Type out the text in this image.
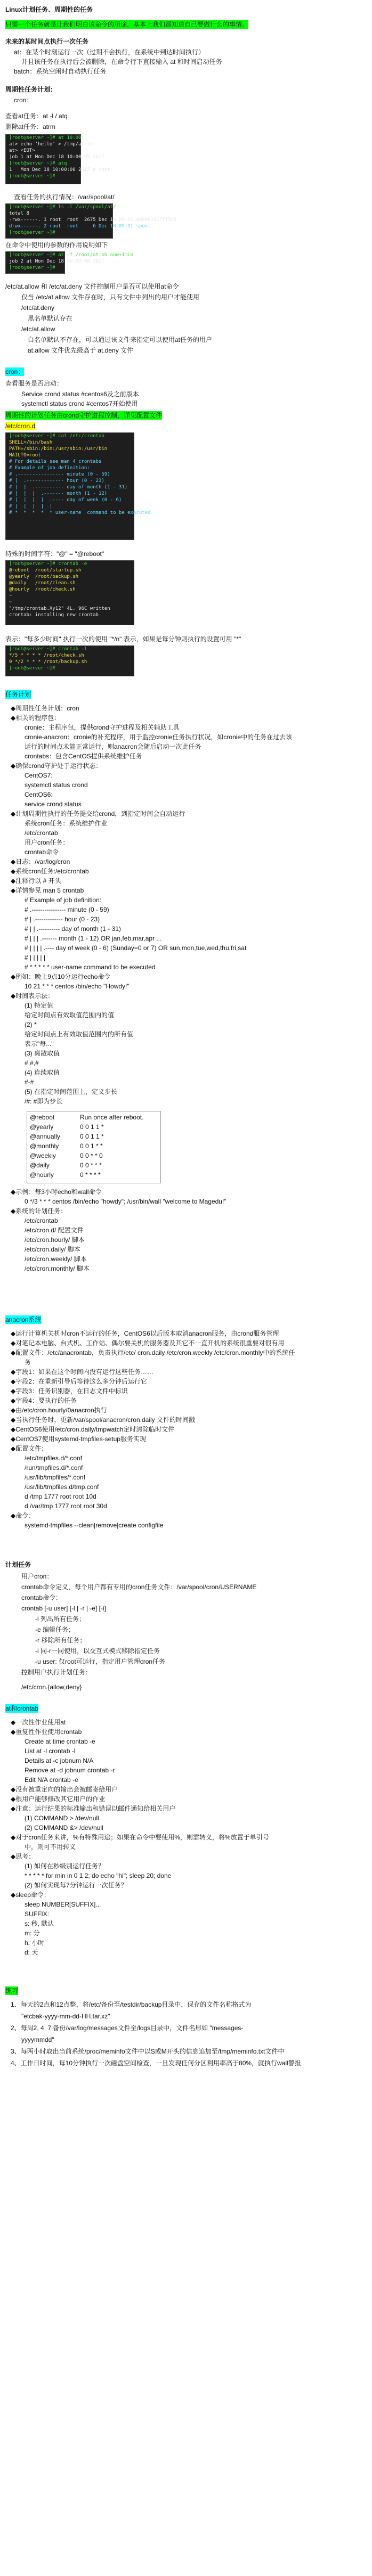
Linux计划任务、周期性的任务
只需一个任务就是让我们明白该命令的用途，基本上我们都知道自己要做什么的事情。
未来的某时间点执行一次任务
at：在某个时刻运行一次（过期不会执行，在系统中到达时间执行）
并且该任务在执行后会被删除，在命令行下直接输入 at 和时间启动任务
batch：系统空闲时自动执行任务
周期性任务计划：
cron：
查看at任务：at -l / atq
删除at任务：atrm
[root@server ~]# at 10:00
at> echo 'hello' > /tmp/at.txt
at> <EOT>
job 1 at Mon Dec 18 10:00:00 2017
[root@server ~]# atq
1   Mon Dec 18 10:00:00 2017 a root
[root@server ~]#
查看任务的执行情况：/var/spool/at/
[root@server ~]# ls -l /var/spool/at/
total 8
-rwx------. 1 root  root  2675 Dec 18 09:31 a00001017ff5c8
drwx------. 2 root  root     6 Dec 18 09:31 spool
[root@server ~]#
在命令中使用的参数的作用说明如下
[root@server ~]# at -f /root/at.sh now+1min
job 2 at Mon Dec 18 09:33:00 2017
[root@server ~]#
/etc/at.allow 和 /etc/at.deny 文件控制用户是否可以使用at命令
仅当 /etc/at.allow 文件存在时，只有文件中列出的用户才能使用
/etc/at.deny
黑名单默认存在
/etc/at.allow
白名单默认不存在，可以通过该文件来指定可以使用at任务的用户
at.allow 文件优先级高于 at.deny 文件
cron：
查看服务是否启动：
Service crond status #centos6及之前版本
systemctl status crond #centos7开始使用
周期性的计划任务由crond守护进程控制，详见配置文件
/etc/cron.d
[root@server ~]# cat /etc/crontab
SHELL=/bin/bash
PATH=/sbin:/bin:/usr/sbin:/usr/bin
MAILTO=root
# For details see man 4 crontabs
# Example of job definition:
# .---------------- minute (0 - 59)
# |  .------------- hour (0 - 23)
# |  |  .---------- day of month (1 - 31)
# |  |  |  .------- month (1 - 12)
# |  |  |  |  .---- day of week (0 - 6)
# |  |  |  |  |
# *  *  *  *  * user-name  command to be executed
特殊的时间字符："@" = "@reboot"
[root@server ~]# crontab -e
@reboot  /root/startup.sh
@yearly  /root/backup.sh
@daily   /root/clean.sh
@hourly  /root/check.sh
~
~
"/tmp/crontab.Xy12" 4L, 96C written
crontab: installing new crontab
表示："每多少时间" 执行一次的使用 "*/n" 表示，如果是每分钟则执行的设置可用 "*"
[root@server ~]# crontab -l
*/5 * * * * /root/check.sh
0 */2 * * * /root/backup.sh
[root@server ~]#
任务计划
anacron系统
计划任务
/etc/cron.{allow,deny}
at和crontab
练习
◆周期性任务计划：cron
◆相关的程序包：
cronie：主程序包，提供crond守护进程及相关辅助工具
cronie-anacron：cronie的补充程序，用于监控cronie任务执行状况，如cronie中的任务在过去该
运行的时间点未能正常运行，则anacron会随后启动一次此任务
crontabs：包含CentOS提供系统维护任务
◆确保crond守护处于运行状态：
CentOS7:
systemctl status crond
CentOS6:
service crond status
◆计划周期性执行的任务提交给crond，到指定时间会自动运行
系统cron任务：系统维护作业
/etc/crontab
用户cron任务：
crontab命令
◆日志：/var/log/cron
◆系统cron任务:/etc/crontab
◆注释行以 # 开头
◆详情参见 man 5 crontab
# Example of job definition:
# .---------------- minute (0 - 59)
# | .------------- hour (0 - 23)
# | | .---------- day of month (1 - 31)
# | | | .------- month (1 - 12) OR jan,feb,mar,apr ...
# | | | | .---- day of week (0 - 6) (Sunday=0 or 7) OR sun,mon,tue,wed,thu,fri,sat
# | | | | |
# * * * * * user-name command to be executed
◆例如：晚上9点10分运行echo命令
10 21 * * * centos /bin/echo "Howdy!"
◆时间表示法：
(1) 特定值
给定时间点有效取值范围内的值
(2) *
给定时间点上有效取值范围内的所有值
表示"每..."
(3) 离散取值
#,#,#
(4) 连续取值
#-#
(5) 在指定时间范围上，定义步长
/#: #即为步长
@reboot	Run once after reboot.
@yearly	0 0 1 1 *
@annually	0 0 1 1 *
@monthly	0 0 1 * *
@weekly	0 0 * * 0
@daily	0 0 * * *
@hourly	0 * * * *
◆示例：每3小时echo和wall命令
0 */3 * * * centos /bin/echo "howdy"; /usr/bin/wall "welcome to Magedu!"
◆系统的计划任务：
/etc/crontab
/etc/cron.d/ 配置文件
/etc/cron.hourly/ 脚本
/etc/cron.daily/ 脚本
/etc/cron.weekly/ 脚本
/etc/cron.monthly/ 脚本
◆运行计算机关机时cron不运行的任务，CentOS6以后版本取消anacron服务，由crond服务管理
◆对笔记本电脑、台式机、工作站、偶尔要关机的服务器及其它不一直开机的系统很重要对很有用
◆配置文件：/etc/anacrontab，负责执行/etc/ cron.daily /etc/cron.weekly /etc/cron.monthly中的系统任
务
◆字段1：如果在这个时间内没有运行这些任务……
◆字段2：在重新引导后等待这么多分钟后运行它
◆字段3：任务识别器，在日志文件中标识
◆字段4：要执行的任务
◆由/etc/cron.hourly/0anacron执行
◆当执行任务时，更新/var/spool/anacron/cron.daily 文件的时间戳
◆CentOS6使用/etc/cron.daily/tmpwatch定时清除临时文件
◆CentOS7使用systemd-tmpfiles-setup服务实现
◆配置文件：
/etc/tmpfiles.d/*.conf
/run/tmpfiles.d/*.conf
/usr/lib/tmpfiles/*.conf
/usr/lib/tmpfiles.d/tmp.conf
d /tmp 1777 root root 10d
d /var/tmp 1777 root root 30d
◆命令：
systemd-tmpfiles --clean|remove|create configfile
用户cron：
crontab命令定义，每个用户都有专用的cron任务文件：/var/spool/cron/USERNAME
crontab命令：
crontab [-u user] [-l | -r | -e] [-i]
-l 列出所有任务；
-e 编辑任务；
-r 移除所有任务；
-i 同-r一同使用，以交互式模式移除指定任务
-u user: 仅root可运行，指定用户管理cron任务
控制用户执行计划任务：
◆一次性作业使用at
◆重复性作业使用crontab
Create at time crontab -e
List at -l crontab -l
Details at -c jobnum N/A
Remove at -d jobnum crontab -r
Edit N/A crontab -e
◆没有被重定向的输出会被邮寄给用户
◆根用户能够修改其它用户的作业
◆注意：运行结果的标准输出和错误以邮件通知给相关用户
(1) COMMAND > /dev/null
(2) COMMAND &> /dev/null
◆对于cron任务来讲，%有特殊用途；如果在命令中要使用%，则需转义，将%放置于单引号
中，则可不用转义
◆思考：
(1) 如何在秒级别运行任务？
* * * * * for min in 0 1 2; do echo "hi"; sleep 20; done
(2) 如何实现每7分钟运行一次任务？
◆sleep命令：
sleep NUMBER[SUFFIX]...
SUFFIX:
s: 秒, 默认
m: 分
h: 小时
d: 天
1、每天的2点和12点整，将/etc/备份至/testdir/backup目录中，保存的文件名称格式为
"etcbak-yyyy-mm-dd-HH.tar.xz"
2、每周2, 4, 7 备份/var/log/messages文件至/logs目录中，文件名形如 "messages-
yyyymmdd"
3、每两小时取出当前系统/proc/meminfo文件中以S或M开头的信息追加至/tmp/meminfo.txt文件中
4、工作日时间，每10分钟执行一次磁盘空间检查，一旦发现任何分区利用率高于80%，就执行wall警报
